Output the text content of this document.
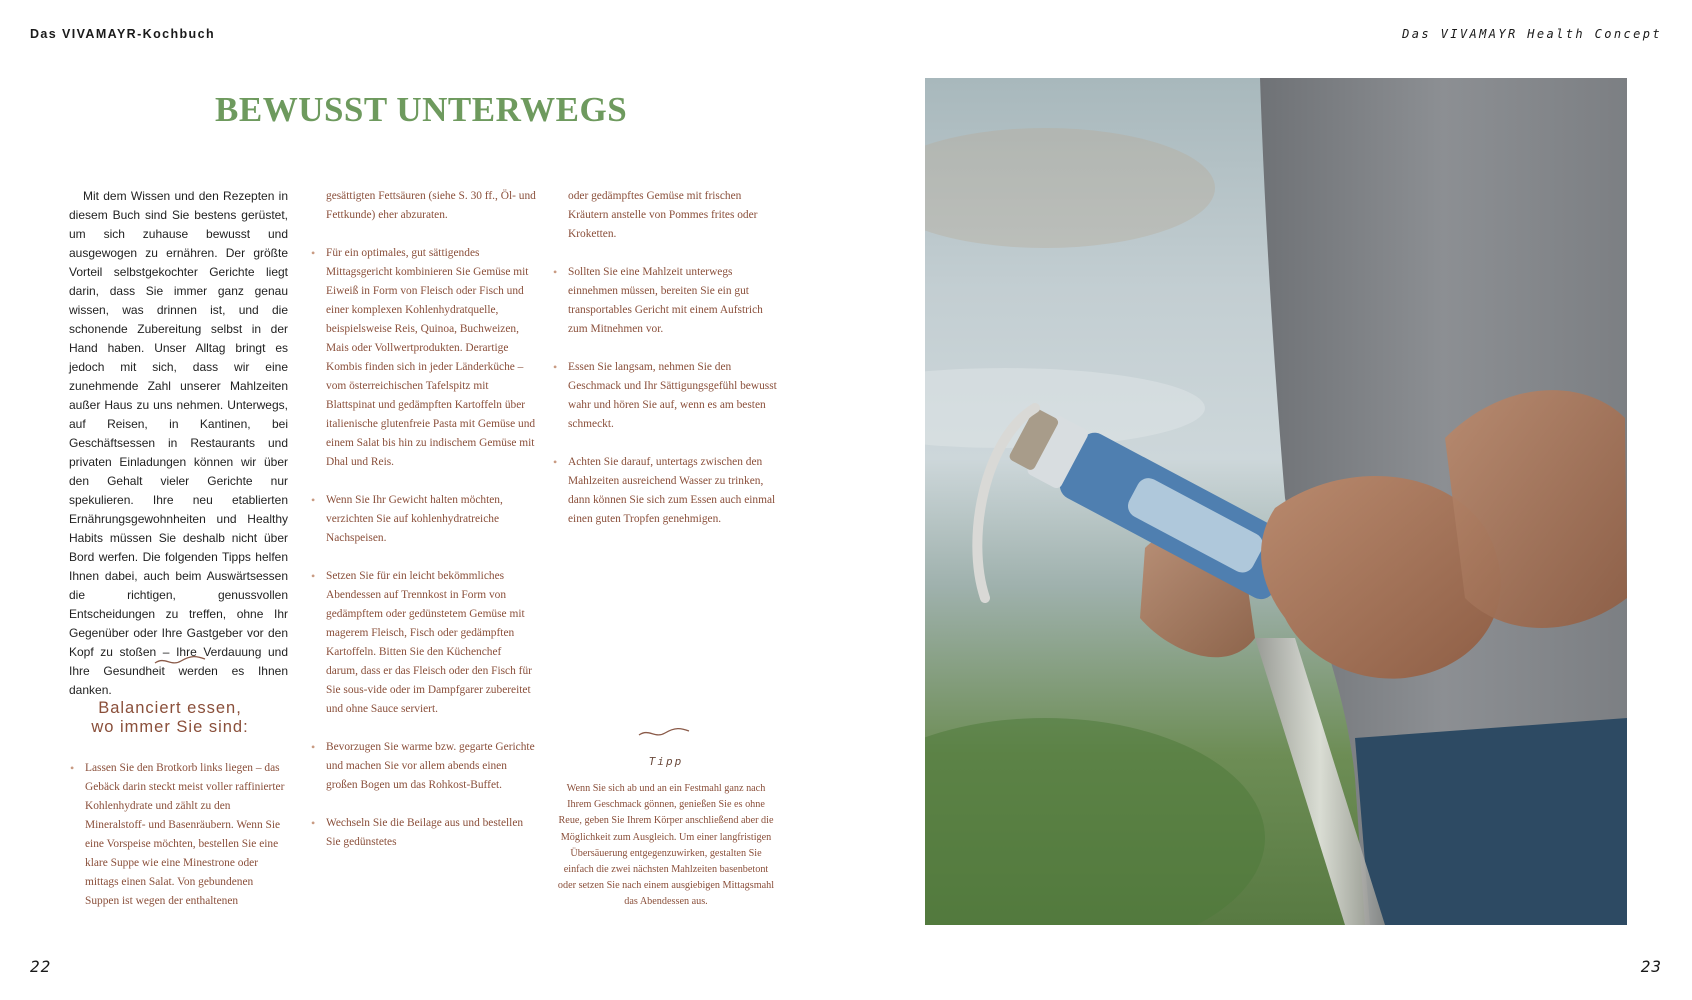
Das VIVAMAYR-Kochbuch	Das VIVAMAYR Health Concept
BEWUSST UNTERWEGS

Mit dem Wissen und den Rezepten in diesem Buch sind Sie bestens gerüstet, um sich zuhause bewusst und ausgewogen zu ernähren. Der größte Vorteil selbstgekochter Gerichte liegt darin, dass Sie immer ganz genau wissen, was drinnen ist, und die schonende Zubereitung selbst in der Hand haben. Unser Alltag bringt es jedoch mit sich, dass wir eine zunehmende Zahl unserer Mahlzeiten außer Haus zu uns nehmen. Unterwegs, auf Reisen, in Kantinen, bei Geschäftsessen in Restaurants und privaten Einladungen können wir über den Gehalt vieler Gerichte nur spekulieren. Ihre neu etablierten Ernährungsgewohnheiten und Healthy Habits müssen Sie deshalb nicht über Bord werfen. Die folgenden Tipps helfen Ihnen dabei, auch beim Auswärtsessen die richtigen, genussvollen Entscheidungen zu treffen, ohne Ihr Gegenüber oder Ihre Gastgeber vor den Kopf zu stoßen – Ihre Verdauung und Ihre Gesundheit werden es Ihnen danken.

Balanciert essen,
wo immer Sie sind:
• Lassen Sie den Brotkorb links liegen – das Gebäck darin steckt meist voller raffinierter Kohlenhydrate und zählt zu den Mineralstoff- und Basenräubern. Wenn Sie eine Vorspeise möchten, bestellen Sie eine klare Suppe wie eine Minestrone oder mittags einen Salat. Von gebundenen Suppen ist wegen der enthaltenen
gesättigten Fettsäuren (siehe S. 30 ff., Öl- und Fettkunde) eher abzuraten.
• Für ein optimales, gut sättigendes Mittagsgericht kombinieren Sie Gemüse mit Eiweiß in Form von Fleisch oder Fisch und einer komplexen Kohlenhydratquelle, beispielsweise Reis, Quinoa, Buchweizen, Mais oder Vollwertprodukten. Derartige Kombis finden sich in jeder Länderküche – vom österreichischen Tafelspitz mit Blattspinat und gedämpften Kartoffeln über italienische glutenfreie Pasta mit Gemüse und einem Salat bis hin zu indischem Gemüse mit Dhal und Reis.
• Wenn Sie Ihr Gewicht halten möchten, verzichten Sie auf kohlenhydratreiche Nachspeisen.
• Setzen Sie für ein leicht bekömmliches Abendessen auf Trennkost in Form von gedämpftem oder gedünstetem Gemüse mit magerem Fleisch, Fisch oder gedämpften Kartoffeln. Bitten Sie den Küchenchef darum, dass er das Fleisch oder den Fisch für Sie sous-vide oder im Dampfgarer zubereitet und ohne Sauce serviert.
• Bevorzugen Sie warme bzw. gegarte Gerichte und machen Sie vor allem abends einen großen Bogen um das Rohkost-Buffet.
• Wechseln Sie die Beilage aus und bestellen Sie gedünstetes
oder gedämpftes Gemüse mit frischen Kräutern anstelle von Pommes frites oder Kroketten.
• Sollten Sie eine Mahlzeit unterwegs einnehmen müssen, bereiten Sie ein gut transportables Gericht mit einem Aufstrich zum Mitnehmen vor.
• Essen Sie langsam, nehmen Sie den Geschmack und Ihr Sättigungsgefühl bewusst wahr und hören Sie auf, wenn es am besten schmeckt.
• Achten Sie darauf, untertags zwischen den Mahlzeiten ausreichend Wasser zu trinken, dann können Sie sich zum Essen auch einmal einen guten Tropfen genehmigen.
Tipp

Wenn Sie sich ab und an ein Festmahl ganz nach Ihrem Geschmack gönnen, genießen Sie es ohne Reue, geben Sie Ihrem Körper anschließend aber die Möglichkeit zum Ausgleich. Um einer langfristigen Übersäuerung entgegenzuwirken, gestalten Sie einfach die zwei nächsten Mahlzeiten basenbetont oder setzen Sie nach einem ausgiebigen Mittagsmahl das Abendessen aus.

22	23
